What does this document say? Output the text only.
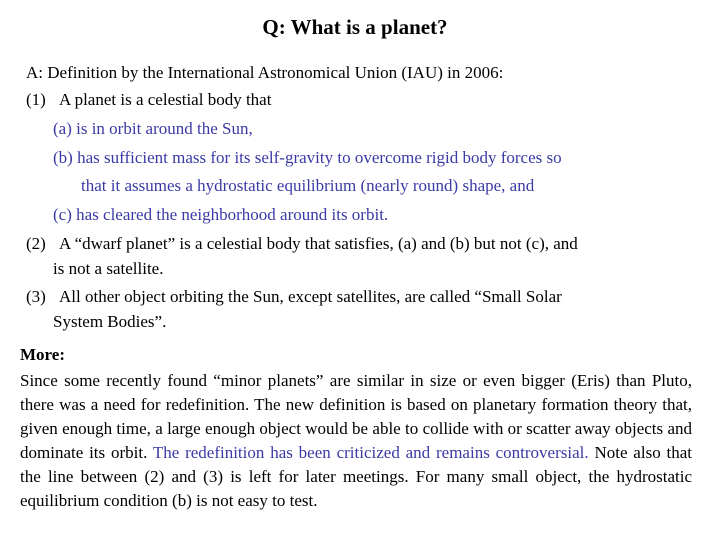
Q: What is a planet?
A: Definition by the International Astronomical Union (IAU) in 2006:
(1) A planet is a celestial body that
(a) is in orbit around the Sun,
(b) has sufficient mass for its self-gravity to overcome rigid body forces so
that it assumes a hydrostatic equilibrium (nearly round) shape, and
(c) has cleared the neighborhood around its orbit.
(2) A “dwarf planet” is a celestial body that satisfies, (a) and (b) but not (c), and
is not a satellite.
(3) All other object orbiting the Sun, except satellites, are called “Small Solar
System Bodies”.
More:
Since some recently found “minor planets” are similar in size or even bigger (Eris) than Pluto, there was a need for redefinition. The new definition is based on planetary formation theory that, given enough time, a large enough object would be able to collide with or scatter away objects and dominate its orbit. The redefinition has been criticized and remains controversial. Note also that the line between (2) and (3) is left for later meetings. For many small object, the hydrostatic equilibrium condition (b) is not easy to test.
